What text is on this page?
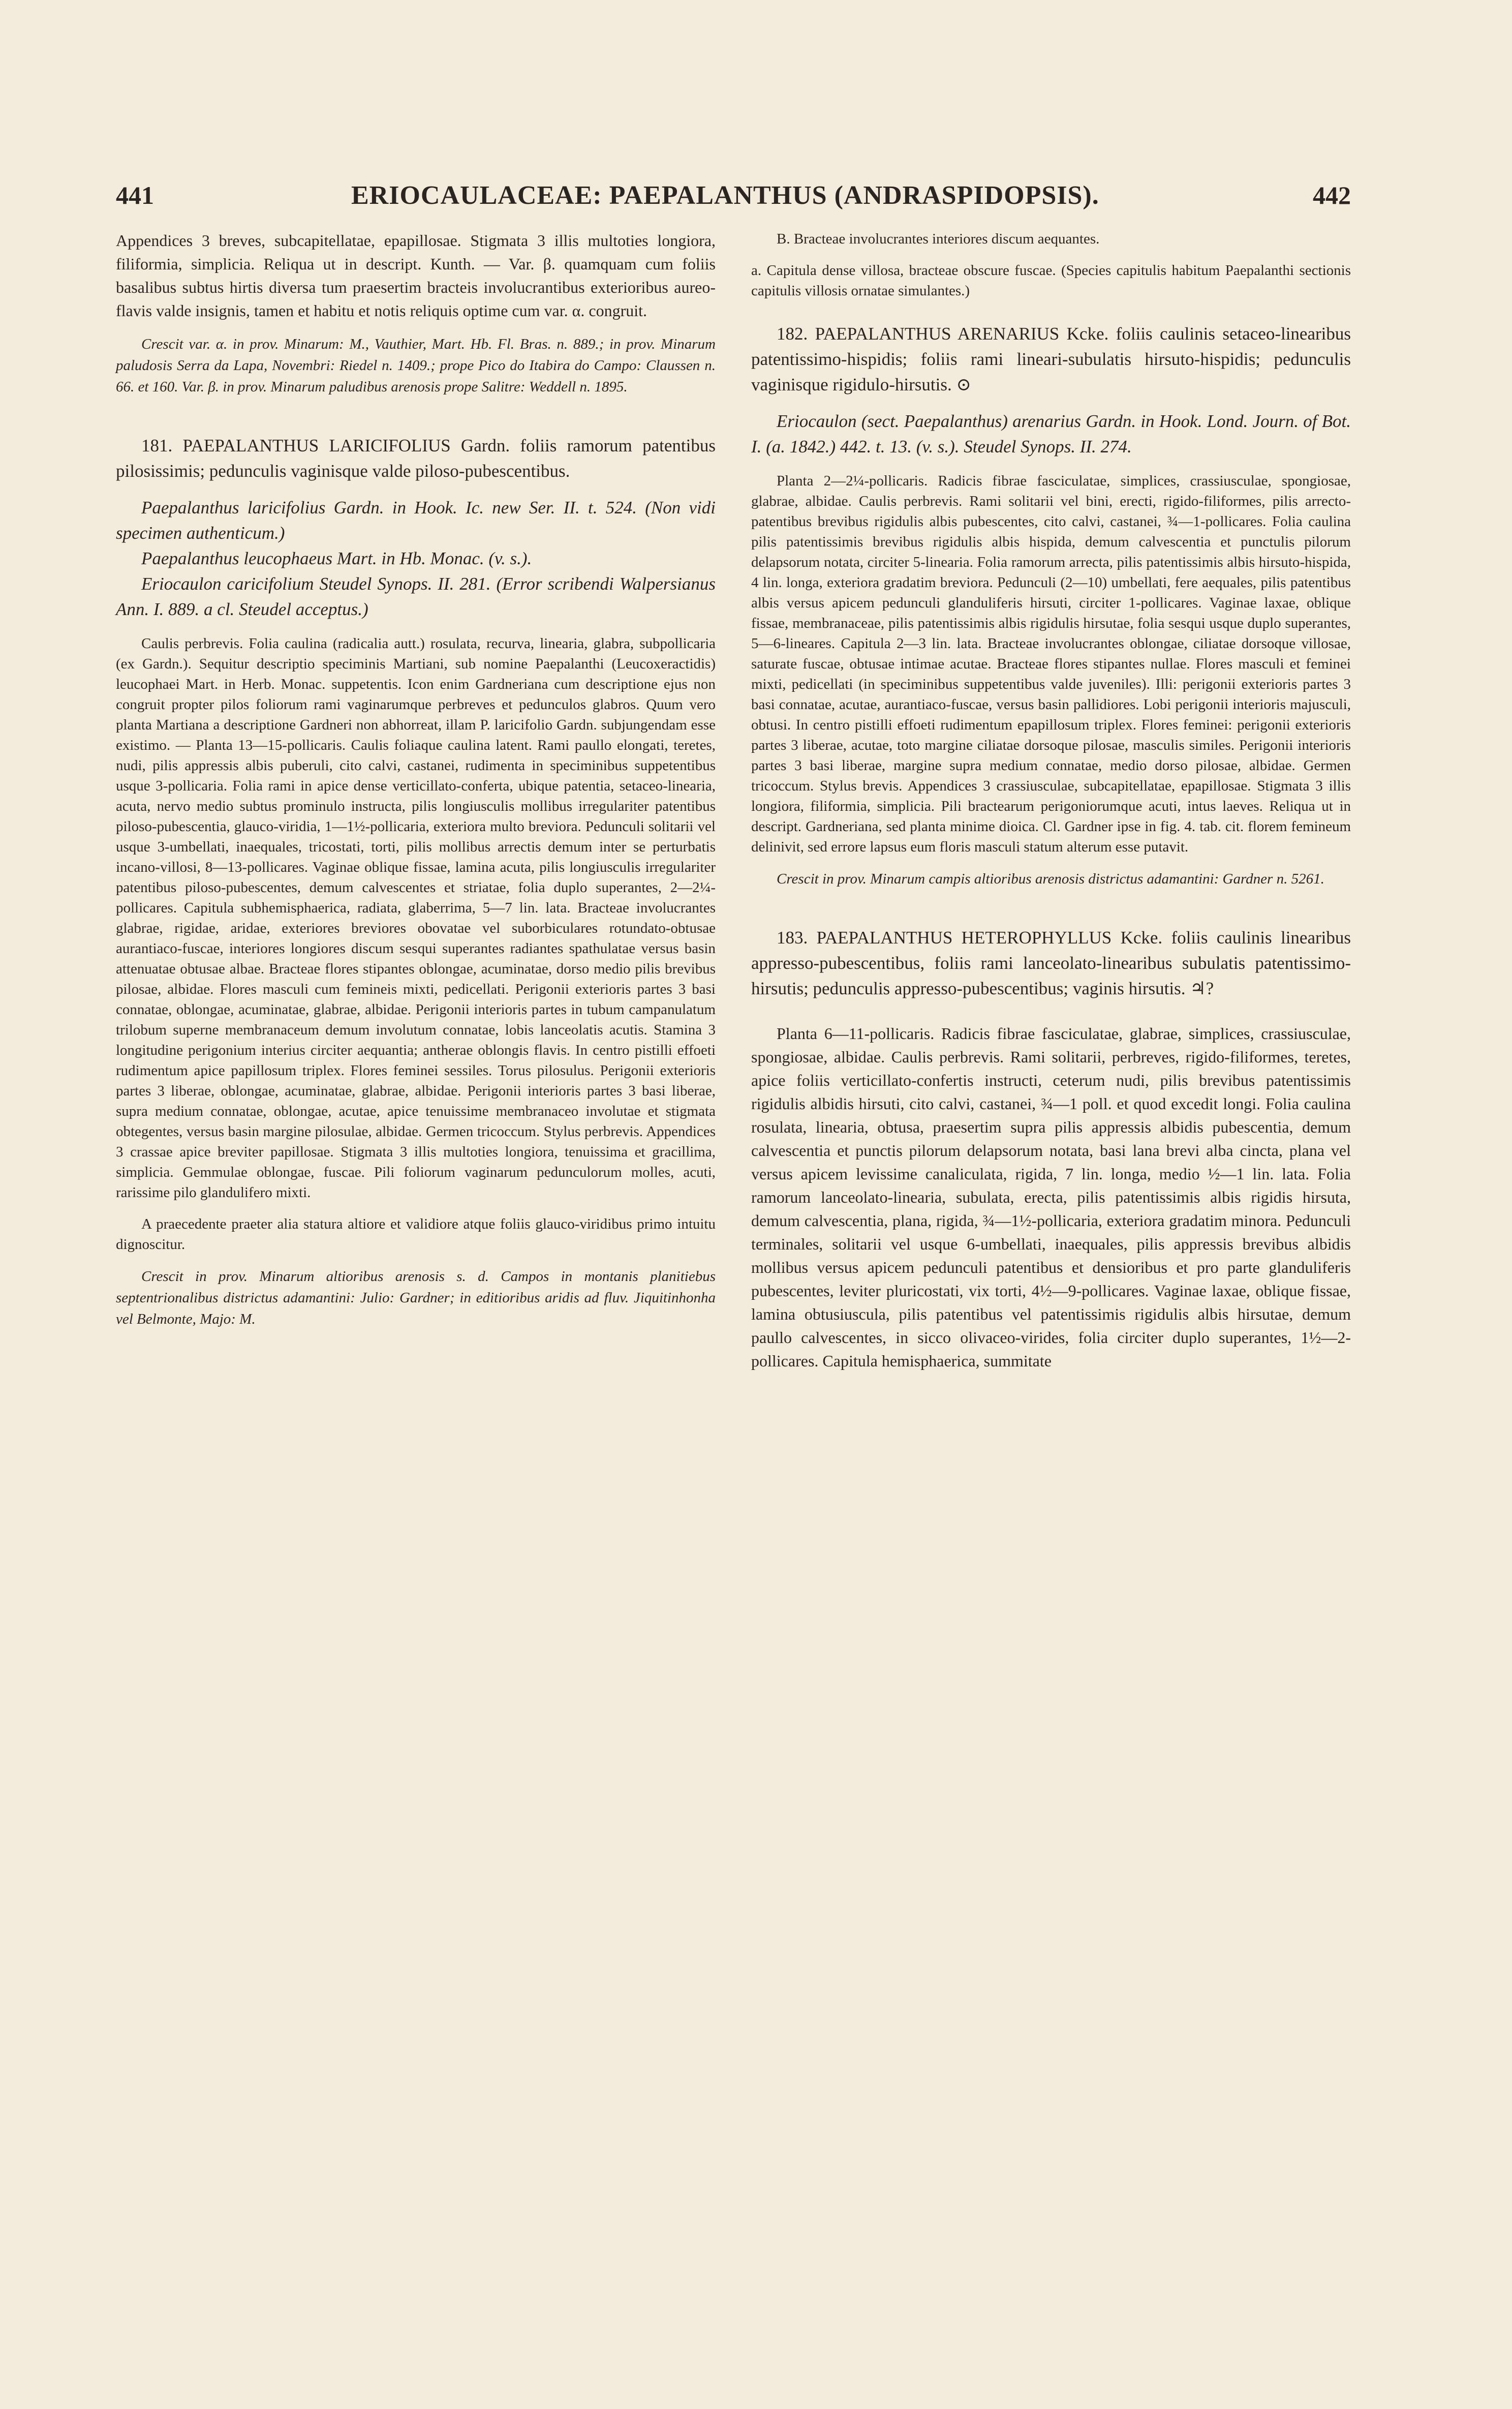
441	ERIOCAULACEAE: PAEPALANTHUS (ANDRASPIDOPSIS).	442

Appendices 3 breves, subcapitellatae, epapillosae. Stigmata 3 illis multoties longiora, filiformia, simplicia. Reliqua ut in descript. Kunth. — Var. β. quamquam cum foliis basalibus subtus hirtis diversa tum praesertim bracteis involucrantibus exterioribus aureo-flavis valde insignis, tamen et habitu et notis reliquis optime cum var. α. congruit.

Crescit var. α. in prov. Minarum: M., Vauthier, Mart. Hb. Fl. Bras. n. 889.; in prov. Minarum paludosis Serra da Lapa, Novembri: Riedel n. 1409.; prope Pico do Itabira do Campo: Claussen n. 66. et 160. Var. β. in prov. Minarum paludibus arenosis prope Salitre: Weddell n. 1895.

181. PAEPALANTHUS LARICIFOLIUS Gardn. foliis ramorum patentibus pilosissimis; pedunculis vaginisque valde piloso-pubescentibus.

Paepalanthus laricifolius Gardn. in Hook. Ic. new Ser. II. t. 524. (Non vidi specimen authenticum.)

Paepalanthus leucophaeus Mart. in Hb. Monac. (v. s.).

Eriocaulon caricifolium Steudel Synops. II. 281. (Error scribendi Walpersianus Ann. I. 889. a cl. Steudel acceptus.)

Caulis perbrevis. Folia caulina (radicalia autt.) rosulata, recurva, linearia, glabra, subpollicaria (ex Gardn.). Sequitur descriptio speciminis Martiani, sub nomine Paepalanthi (Leucoxeractidis) leucophaei Mart. in Herb. Monac. suppetentis. Icon enim Gardneriana cum descriptione ejus non congruit propter pilos foliorum rami vaginarumque perbreves et pedunculos glabros. Quum vero planta Martiana a descriptione Gardneri non abhorreat, illam P. laricifolio Gardn. subjungendam esse existimo. — Planta 13—15-pollicaris. Caulis foliaque caulina latent. Rami paullo elongati, teretes, nudi, pilis appressis albis puberuli, cito calvi, castanei, rudimenta in speciminibus suppetentibus usque 3-pollicaria. Folia rami in apice dense verticillato-conferta, ubique patentia, setaceo-linearia, acuta, nervo medio subtus prominulo instructa, pilis longiusculis mollibus irregulariter patentibus piloso-pubescentia, glauco-viridia, 1—1½-pollicaria, exteriora multo breviora. Pedunculi solitarii vel usque 3-umbellati, inaequales, tricostati, torti, pilis mollibus arrectis demum inter se perturbatis incano-villosi, 8—13-pollicares. Vaginae oblique fissae, lamina acuta, pilis longiusculis irregulariter patentibus piloso-pubescentes, demum calvescentes et striatae, folia duplo superantes, 2—2¼-pollicares. Capitula subhemisphaerica, radiata, glaberrima, 5—7 lin. lata. Bracteae involucrantes glabrae, rigidae, aridae, exteriores breviores obovatae vel suborbiculares rotundato-obtusae aurantiaco-fuscae, interiores longiores discum sesqui superantes radiantes spathulatae versus basin attenuatae obtusae albae. Bracteae flores stipantes oblongae, acuminatae, dorso medio pilis brevibus pilosae, albidae. Flores masculi cum femineis mixti, pedicellati. Perigonii exterioris partes 3 basi connatae, oblongae, acuminatae, glabrae, albidae. Perigonii interioris partes in tubum campanulatum trilobum superne membranaceum demum involutum connatae, lobis lanceolatis acutis. Stamina 3 longitudine perigonium interius circiter aequantia; antherae oblongis flavis. In centro pistilli effoeti rudimentum apice papillosum triplex. Flores feminei sessiles. Torus pilosulus. Perigonii exterioris partes 3 liberae, oblongae, acuminatae, glabrae, albidae. Perigonii interioris partes 3 basi liberae, supra medium connatae, oblongae, acutae, apice tenuissime membranaceo involutae et stigmata obtegentes, versus basin margine pilosulae, albidae. Germen tricoccum. Stylus perbrevis. Appendices 3 crassae apice breviter papillosae. Stigmata 3 illis multoties longiora, tenuissima et gracillima, simplicia. Gemmulae oblongae, fuscae. Pili foliorum vaginarum pedunculorum molles, acuti, rarissime pilo glandulifero mixti.

A praecedente praeter alia statura altiore et validiore atque foliis glauco-viridibus primo intuitu dignoscitur.

Crescit in prov. Minarum altioribus arenosis s. d. Campos in montanis planitiebus septentrionalibus districtus adamantini: Julio: Gardner; in editioribus aridis ad fluv. Jiquitinhonha vel Belmonte, Majo: M.

B. Bracteae involucrantes interiores discum aequantes.

a. Capitula dense villosa, bracteae obscure fuscae. (Species capitulis habitum Paepalanthi sectionis capitulis villosis ornatae simulantes.)

182. PAEPALANTHUS ARENARIUS Kcke. foliis caulinis setaceo-linearibus patentissimo-hispidis; foliis rami lineari-subulatis hirsuto-hispidis; pedunculis vaginisque rigidulo-hirsutis. ⊙

Eriocaulon (sect. Paepalanthus) arenarius Gardn. in Hook. Lond. Journ. of Bot. I. (a. 1842.) 442. t. 13. (v. s.). Steudel Synops. II. 274.

Planta 2—2¼-pollicaris. Radicis fibrae fasciculatae, simplices, crassiusculae, spongiosae, glabrae, albidae. Caulis perbrevis. Rami solitarii vel bini, erecti, rigido-filiformes, pilis arrecto-patentibus brevibus rigidulis albis pubescentes, cito calvi, castanei, ¾—1-pollicares. Folia caulina pilis patentissimis brevibus rigidulis albis hispida, demum calvescentia et punctulis pilorum delapsorum notata, circiter 5-linearia. Folia ramorum arrecta, pilis patentissimis albis hirsuto-hispida, 4 lin. longa, exteriora gradatim breviora. Pedunculi (2—10) umbellati, fere aequales, pilis patentibus albis versus apicem pedunculi glanduliferis hirsuti, circiter 1-pollicares. Vaginae laxae, oblique fissae, membranaceae, pilis patentissimis albis rigidulis hirsutae, folia sesqui usque duplo superantes, 5—6-lineares. Capitula 2—3 lin. lata. Bracteae involucrantes oblongae, ciliatae dorsoque villosae, saturate fuscae, obtusae intimae acutae. Bracteae flores stipantes nullae. Flores masculi et feminei mixti, pedicellati (in speciminibus suppetentibus valde juveniles). Illi: perigonii exterioris partes 3 basi connatae, acutae, aurantiaco-fuscae, versus basin pallidiores. Lobi perigonii interioris majusculi, obtusi. In centro pistilli effoeti rudimentum epapillosum triplex. Flores feminei: perigonii exterioris partes 3 liberae, acutae, toto margine ciliatae dorsoque pilosae, masculis similes. Perigonii interioris partes 3 basi liberae, margine supra medium connatae, medio dorso pilosae, albidae. Germen tricoccum. Stylus brevis. Appendices 3 crassiusculae, subcapitellatae, epapillosae. Stigmata 3 illis longiora, filiformia, simplicia. Pili bractearum perigoniorumque acuti, intus laeves. Reliqua ut in descript. Gardneriana, sed planta minime dioica. Cl. Gardner ipse in fig. 4. tab. cit. florem femineum delinivit, sed errore lapsus eum floris masculi statum alterum esse putavit.

Crescit in prov. Minarum campis altioribus arenosis districtus adamantini: Gardner n. 5261.

183. PAEPALANTHUS HETEROPHYLLUS Kcke. foliis caulinis linearibus appresso-pubescentibus, foliis rami lanceolato-linearibus subulatis patentissimo-hirsutis; pedunculis appresso-pubescentibus; vaginis hirsutis. ♃?

Planta 6—11-pollicaris. Radicis fibrae fasciculatae, glabrae, simplices, crassiusculae, spongiosae, albidae. Caulis perbrevis. Rami solitarii, perbreves, rigido-filiformes, teretes, apice foliis verticillato-confertis instructi, ceterum nudi, pilis brevibus patentissimis rigidulis albidis hirsuti, cito calvi, castanei, ¾—1 poll. et quod excedit longi. Folia caulina rosulata, linearia, obtusa, praesertim supra pilis appressis albidis pubescentia, demum calvescentia et punctis pilorum delapsorum notata, basi lana brevi alba cincta, plana vel versus apicem levissime canaliculata, rigida, 7 lin. longa, medio ½—1 lin. lata. Folia ramorum lanceolato-linearia, subulata, erecta, pilis patentissimis albis rigidis hirsuta, demum calvescentia, plana, rigida, ¾—1½-pollicaria, exteriora gradatim minora. Pedunculi terminales, solitarii vel usque 6-umbellati, inaequales, pilis appressis brevibus albidis mollibus versus apicem pedunculi patentibus et densioribus et pro parte glanduliferis pubescentes, leviter pluricostati, vix torti, 4½—9-pollicares. Vaginae laxae, oblique fissae, lamina obtusiuscula, pilis patentibus vel patentissimis rigidulis albis hirsutae, demum paullo calvescentes, in sicco olivaceo-virides, folia circiter duplo superantes, 1½—2-pollicares. Capitula hemisphaerica, summitate
